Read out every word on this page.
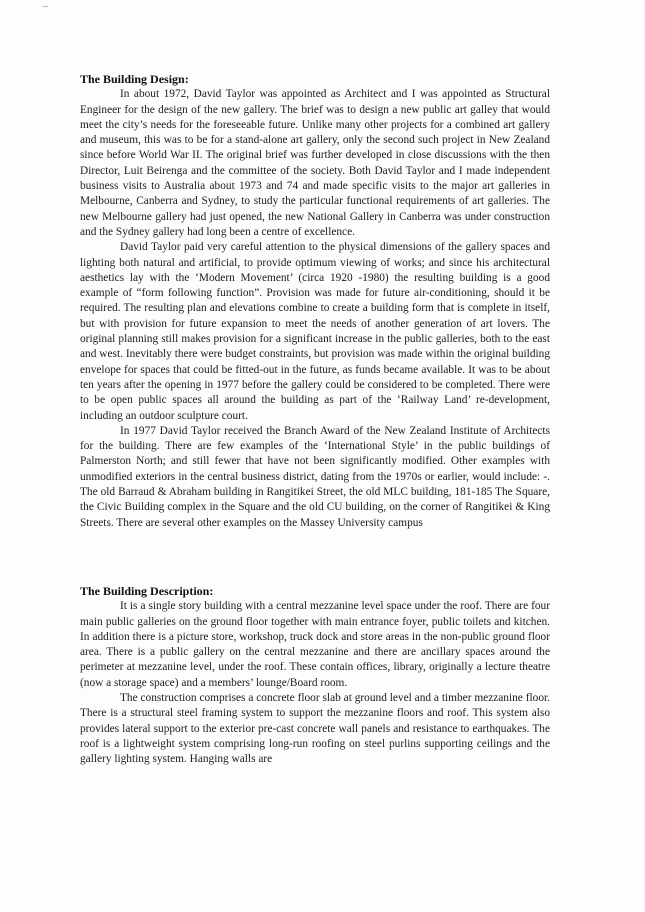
The Building Design:

In about 1972, David Taylor was appointed as Architect and I was appointed as Structural Engineer for the design of the new gallery. The brief was to design a new public art galley that would meet the city’s needs for the foreseeable future. Unlike many other projects for a combined art gallery and museum, this was to be for a stand-alone art gallery, only the second such project in New Zealand since before World War II. The original brief was further developed in close discussions with the then Director, Luit Beirenga and the committee of the society. Both David Taylor and I made independent business visits to Australia about 1973 and 74 and made specific visits to the major art galleries in Melbourne, Canberra and Sydney, to study the particular functional requirements of art galleries. The new Melbourne gallery had just opened, the new National Gallery in Canberra was under construction and the Sydney gallery had long been a centre of excellence.

David Taylor paid very careful attention to the physical dimensions of the gallery spaces and lighting both natural and artificial, to provide optimum viewing of works; and since his architectural aesthetics lay with the ‘Modern Movement’ (circa 1920 -1980) the resulting building is a good example of “form following function”. Provision was made for future air-conditioning, should it be required. The resulting plan and elevations combine to create a building form that is complete in itself, but with provision for future expansion to meet the needs of another generation of art lovers. The original planning still makes provision for a significant increase in the public galleries, both to the east and west. Inevitably there were budget constraints, but provision was made within the original building envelope for spaces that could be fitted-out in the future, as funds became available. It was to be about ten years after the opening in 1977 before the gallery could be considered to be completed. There were to be open public spaces all around the building as part of the ‘Railway Land’ re-development, including an outdoor sculpture court.

In 1977 David Taylor received the Branch Award of the New Zealand Institute of Architects for the building. There are few examples of the ‘International Style’ in the public buildings of Palmerston North; and still fewer that have not been significantly modified. Other examples with unmodified exteriors in the central business district, dating from the 1970s or earlier, would include: -. The old Barraud & Abraham building in Rangitikei Street, the old MLC building, 181-185 The Square, the Civic Building complex in the Square and the old CU building, on the corner of Rangitikei & King Streets. There are several other examples on the Massey University campus

The Building Description:

It is a single story building with a central mezzanine level space under the roof. There are four main public galleries on the ground floor together with main entrance foyer, public toilets and kitchen. In addition there is a picture store, workshop, truck dock and store areas in the non-public ground floor area. There is a public gallery on the central mezzanine and there are ancillary spaces around the perimeter at mezzanine level, under the roof. These contain offices, library, originally a lecture theatre (now a storage space) and a members’ lounge/Board room.

The construction comprises a concrete floor slab at ground level and a timber mezzanine floor. There is a structural steel framing system to support the mezzanine floors and roof. This system also provides lateral support to the exterior pre-cast concrete wall panels and resistance to earthquakes. The roof is a lightweight system comprising long-run roofing on steel purlins supporting ceilings and the gallery lighting system. Hanging walls are
